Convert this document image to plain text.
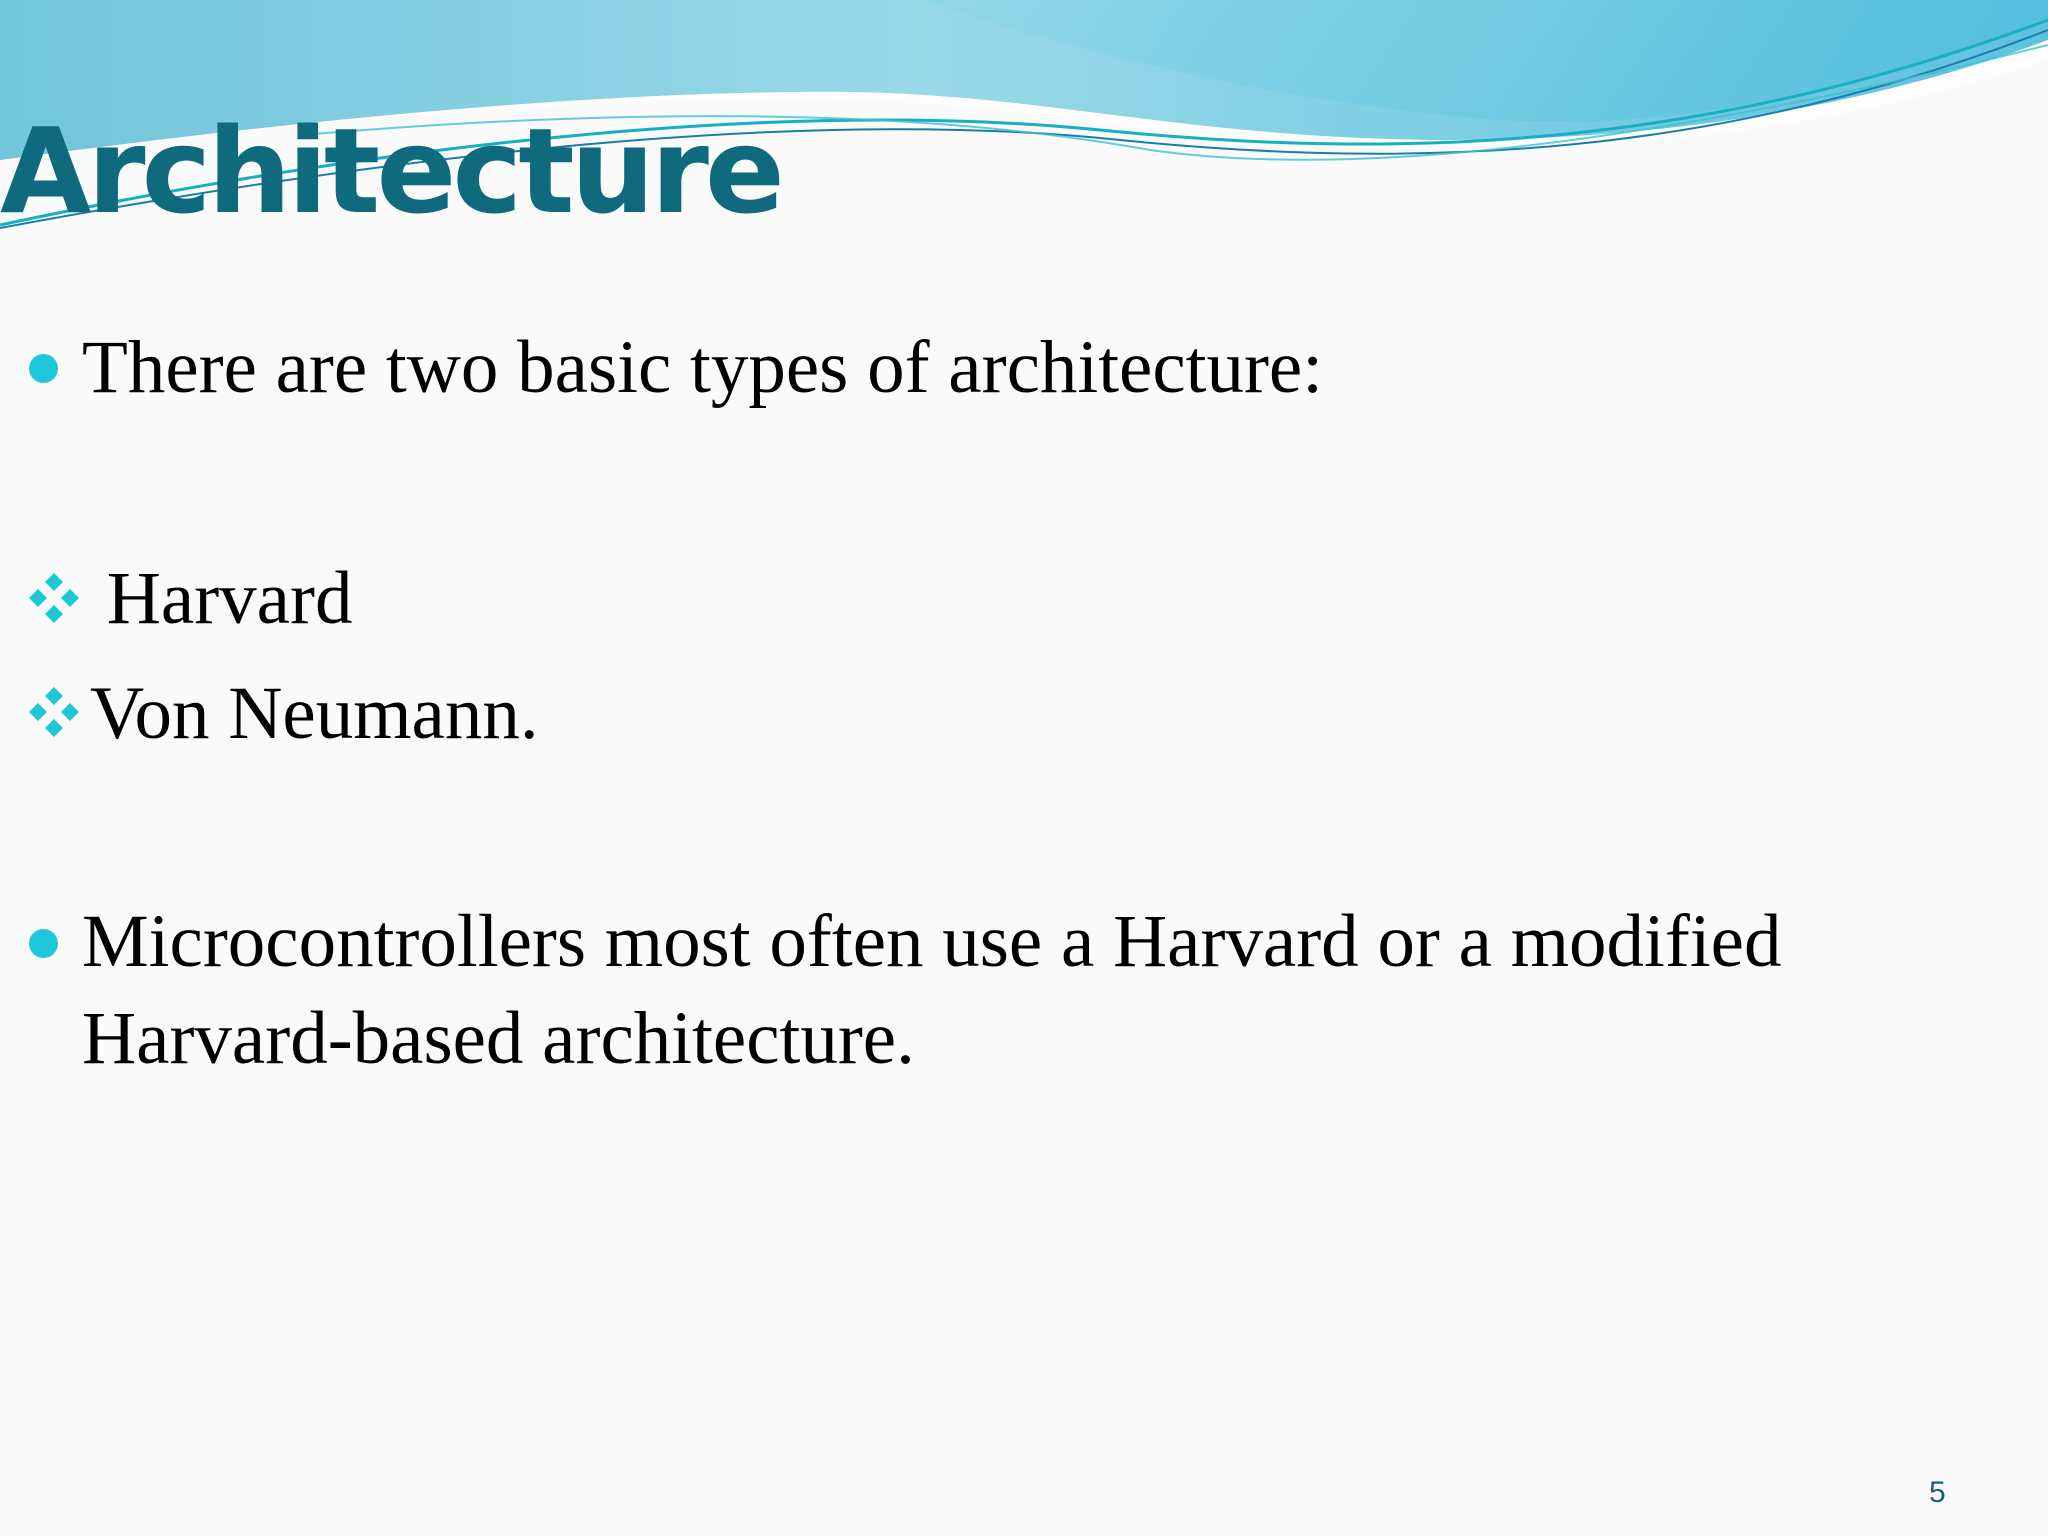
Architecture
There are two basic types of architecture:
Harvard
Von Neumann.
Microcontrollers most often use a Harvard or a modified
Harvard-based architecture.
5
